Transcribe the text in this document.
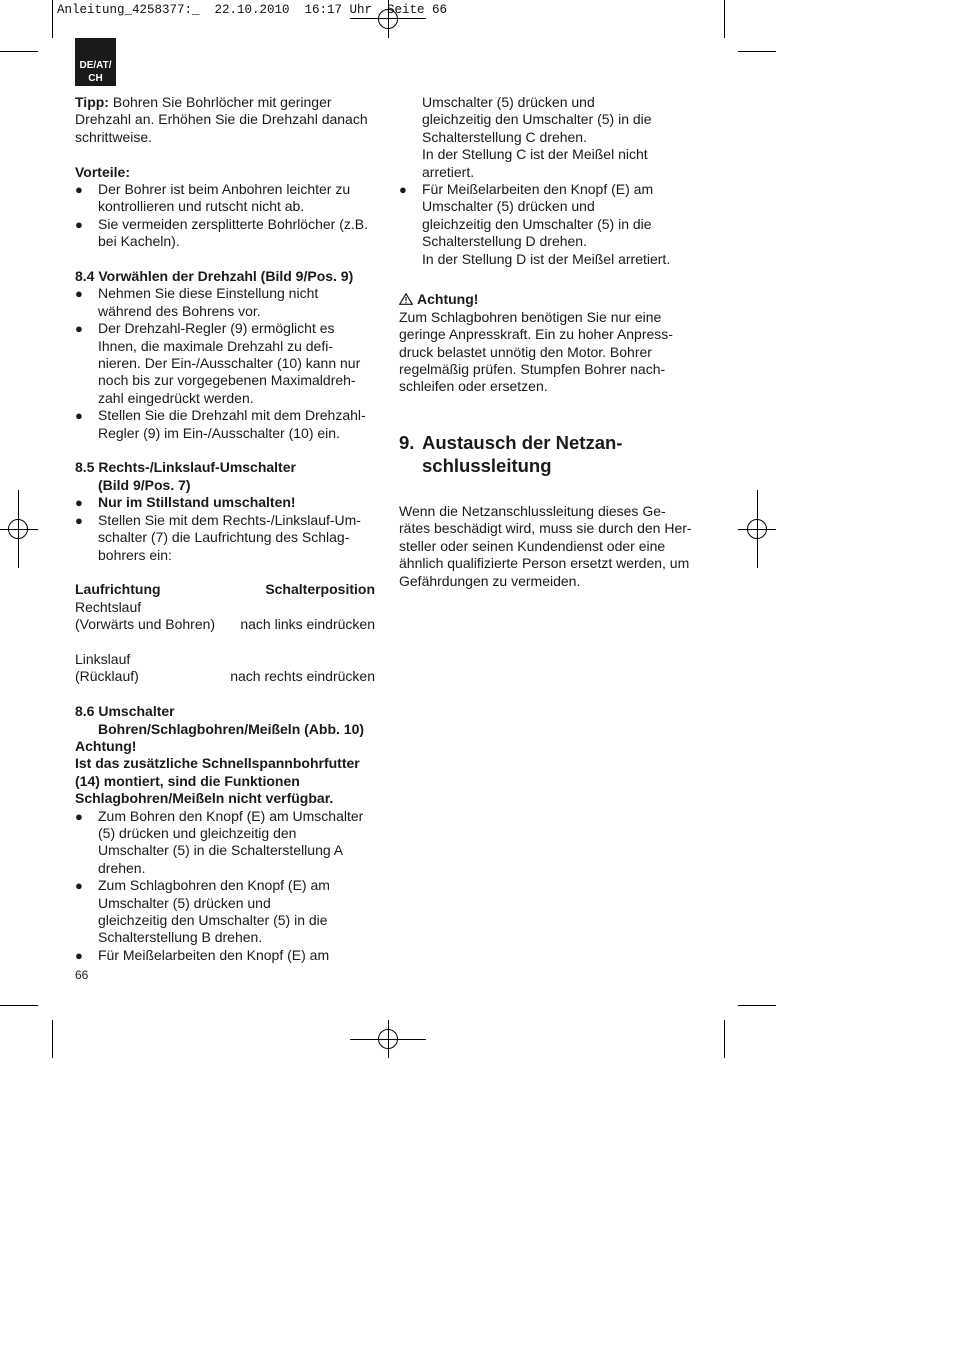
Anleitung_4258377:_  22.10.2010  16:17 Uhr  Seite 66
DE/AT/
CH

Tipp: Bohren Sie Bohrlöcher mit geringer

Drehzahl an. Erhöhen Sie die Drehzahl danach

schrittweise.

Vorteile:

● Der Bohrer ist beim Anbohren leichter zu

kontrollieren und rutscht nicht ab.

● Sie vermeiden zersplitterte Bohrlöcher (z.B.

bei Kacheln).

8.4 Vorwählen der Drehzahl (Bild 9/Pos. 9)

● Nehmen Sie diese Einstellung nicht

während des Bohrens vor.

● Der Drehzahl-Regler (9) ermöglicht es

Ihnen, die maximale Drehzahl zu defi-

nieren. Der Ein-/Ausschalter (10) kann nur

noch bis zur vorgegebenen Maximaldreh-

zahl eingedrückt werden.

● Stellen Sie die Drehzahl mit dem Drehzahl-

Regler (9) im Ein-/Ausschalter (10) ein.

8.5 Rechts-/Linkslauf-Umschalter

(Bild 9/Pos. 7)

● Nur im Stillstand umschalten!

● Stellen Sie mit dem Rechts-/Linkslauf-Um-

schalter (7) die Laufrichtung des Schlag-

bohrers ein:

Laufrichtung	Schalterposition

Rechtslauf

(Vorwärts und Bohren) nach links eindrücken

Linkslauf

(Rücklauf)	nach rechts eindrücken

8.6 Umschalter

Bohren/Schlagbohren/Meißeln (Abb. 10)

Achtung!

Ist das zusätzliche Schnellspannbohrfutter

(14) montiert, sind die Funktionen

Schlagbohren/Meißeln nicht verfügbar.

● Zum Bohren den Knopf (E) am Umschalter

(5) drücken und gleichzeitig den

Umschalter (5) in die Schalterstellung A

drehen.

● Zum Schlagbohren den Knopf (E) am

Umschalter (5) drücken und

gleichzeitig den Umschalter (5) in die

Schalterstellung B drehen.

● Für Meißelarbeiten den Knopf (E) am

66

Umschalter (5) drücken und

gleichzeitig den Umschalter (5) in die

Schalterstellung C drehen.

In der Stellung C ist der Meißel nicht

arretiert.

● Für Meißelarbeiten den Knopf (E) am

Umschalter (5) drücken und

gleichzeitig den Umschalter (5) in die

Schalterstellung D drehen.

In der Stellung D ist der Meißel arretiert.

Achtung!

Zum Schlagbohren benötigen Sie nur eine

geringe Anpresskraft. Ein zu hoher Anpress-

druck belastet unnötig den Motor. Bohrer

regelmäßig prüfen. Stumpfen Bohrer nach-

schleifen oder ersetzen.

9. Austausch der Netzan-
schlussleitung

Wenn die Netzanschlussleitung dieses Ge-

rätes beschädigt wird, muss sie durch den Her-

steller oder seinen Kundendienst oder eine

ähnlich qualifizierte Person ersetzt werden, um

Gefährdungen zu vermeiden.
